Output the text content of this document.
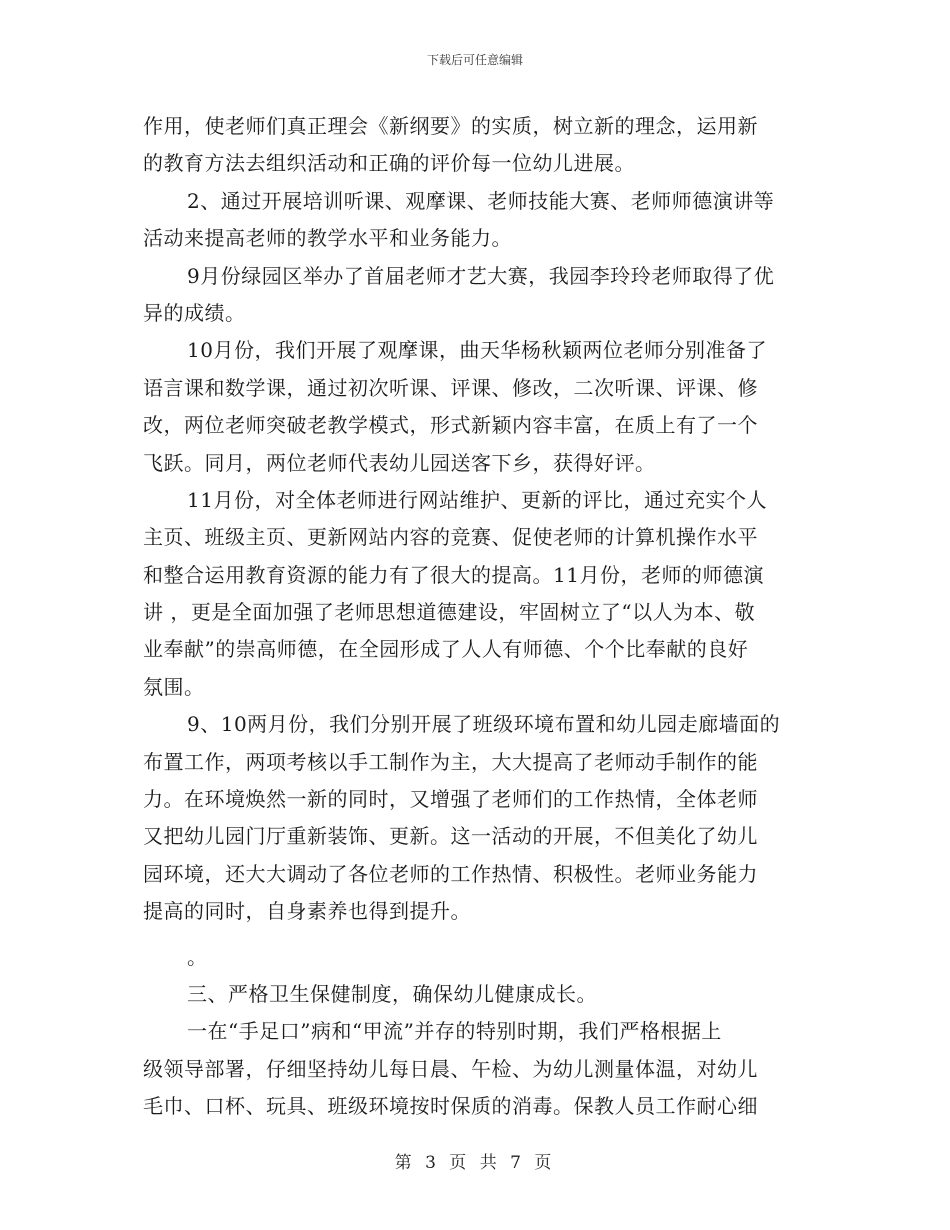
下载后可任意编辑
作用，使老师们真正理会《新纲要》的实质，树立新的理念，运用新
的教育方法去组织活动和正确的评价每一位幼儿进展。
2、通过开展培训听课、观摩课、老师技能大赛、老师师德演讲等
活动来提高老师的教学水平和业务能力。
9月份绿园区举办了首届老师才艺大赛，我园李玲玲老师取得了优
异的成绩。
10月份，我们开展了观摩课，曲天华杨秋颖两位老师分别准备了
语言课和数学课，通过初次听课、评课、修改，二次听课、评课、修
改，两位老师突破老教学模式，形式新颖内容丰富，在质上有了一个
飞跃。同月，两位老师代表幼儿园送客下乡，获得好评。
11月份，对全体老师进行网站维护、更新的评比，通过充实个人
主页、班级主页、更新网站内容的竞赛、促使老师的计算机操作水平
和整合运用教育资源的能力有了很大的提高。11月份，老师的师德演
讲 ，更是全面加强了老师思想道德建设，牢固树立了“以人为本、敬
业奉献”的崇高师德，在全园形成了人人有师德、个个比奉献的良好
氛围。
9、10两月份，我们分别开展了班级环境布置和幼儿园走廊墙面的
布置工作，两项考核以手工制作为主，大大提高了老师动手制作的能
力。在环境焕然一新的同时，又增强了老师们的工作热情，全体老师
又把幼儿园门厅重新装饰、更新。这一活动的开展，不但美化了幼儿
园环境，还大大调动了各位老师的工作热情、积极性。老师业务能力
提高的同时，自身素养也得到提升。
。
三、严格卫生保健制度，确保幼儿健康成长。
一在“手足口”病和“甲流”并存的特别时期，我们严格根据上
级领导部署，仔细坚持幼儿每日晨、午检、为幼儿测量体温，对幼儿
毛巾、口杯、玩具、班级环境按时保质的消毒。保教人员工作耐心细
第 3 页 共 7 页
